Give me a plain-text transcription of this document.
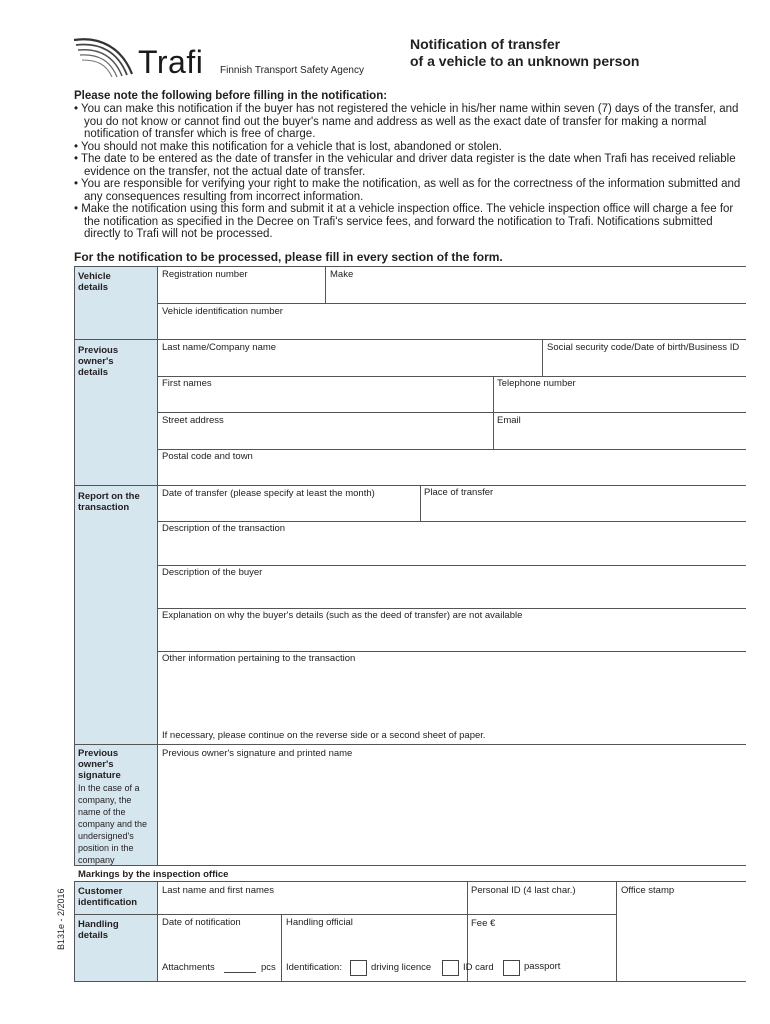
Trafi Finnish Transport Safety Agency
Notification of transfer
of a vehicle to an unknown person
Please note the following before filling in the notification:
• You can make this notification if the buyer has not registered the vehicle in his/her name within seven (7) days of the transfer, and you do not know or cannot find out the buyer's name and address as well as the exact date of transfer for making a normal notification of transfer which is free of charge.
• You should not make this notification for a vehicle that is lost, abandoned or stolen.
• The date to be entered as the date of transfer in the vehicular and driver data register is the date when Trafi has received reliable evidence on the transfer, not the actual date of transfer.
• You are responsible for verifying your right to make the notification, as well as for the correctness of the information submitted and any consequences resulting from incorrect information.
• Make the notification using this form and submit it at a vehicle inspection office. The vehicle inspection office will charge a fee for the notification as specified in the Decree on Trafi's service fees, and forward the notification to Trafi. Notifications submitted directly to Trafi will not be processed.
For the notification to be processed, please fill in every section of the form.
Vehicle details
Registration number	Make
Vehicle identification number
Previous owner's details
Last name/Company name	Social security code/Date of birth/Business ID
First names	Telephone number
Street address	Email
Postal code and town
Report on the transaction
Date of transfer (please specify at least the month)	Place of transfer
Description of the transaction
Description of the buyer
Explanation on why the buyer's details (such as the deed of transfer) are not available
Other information pertaining to the transaction
If necessary, please continue on the reverse side or a second sheet of paper.
Previous owner's signature
In the case of a company, the name of the company and the undersigned's position in the company
Previous owner's signature and printed name
Markings by the inspection office
Customer identification
Last name and first names	Personal ID (4 last char.)	Office stamp
Handling details
Date of notification	Handling official	Fee €
Attachments	pcs Identification:	driving licence	ID card	passport
B131e - 2/2016
